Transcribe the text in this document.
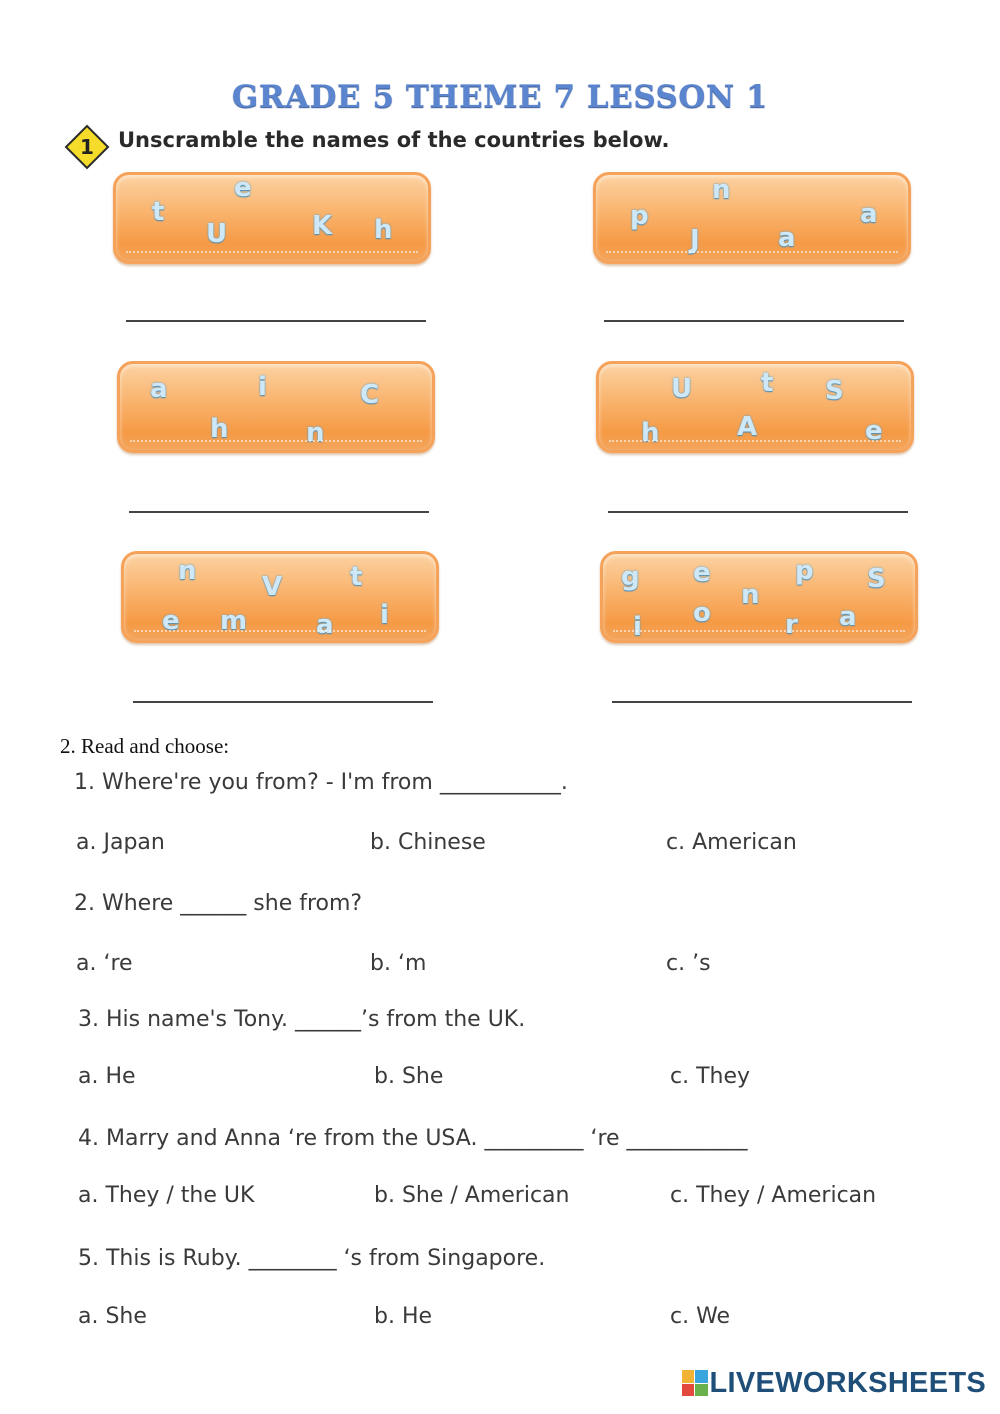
GRADE 5 THEME 7 LESSON 1
1 Unscramble the names of the countries below.
e
t
U	K h
n
p	a
J	a
a	i	C
h	n
U	t S
h	A	e
n	t
V
e m	a i
g e	p S
n
i o	r a
2. Read and choose:
1. Where're you from? - I'm from ___________.
a. Japan	b. Chinese	c. American
2. Where ______ she from?
a. ‘re	b. ‘m	c. ’s
3. His name's Tony. ______’s from the UK.
a. He	b. She	c. They
4. Marry and Anna ‘re from the USA. _________ ‘re ___________
a. They / the UK	b. She / American	c. They / American
5. This is Ruby. ________ ‘s from Singapore.
a. She	b. He	c. We
LIVEWORKSHEETS
